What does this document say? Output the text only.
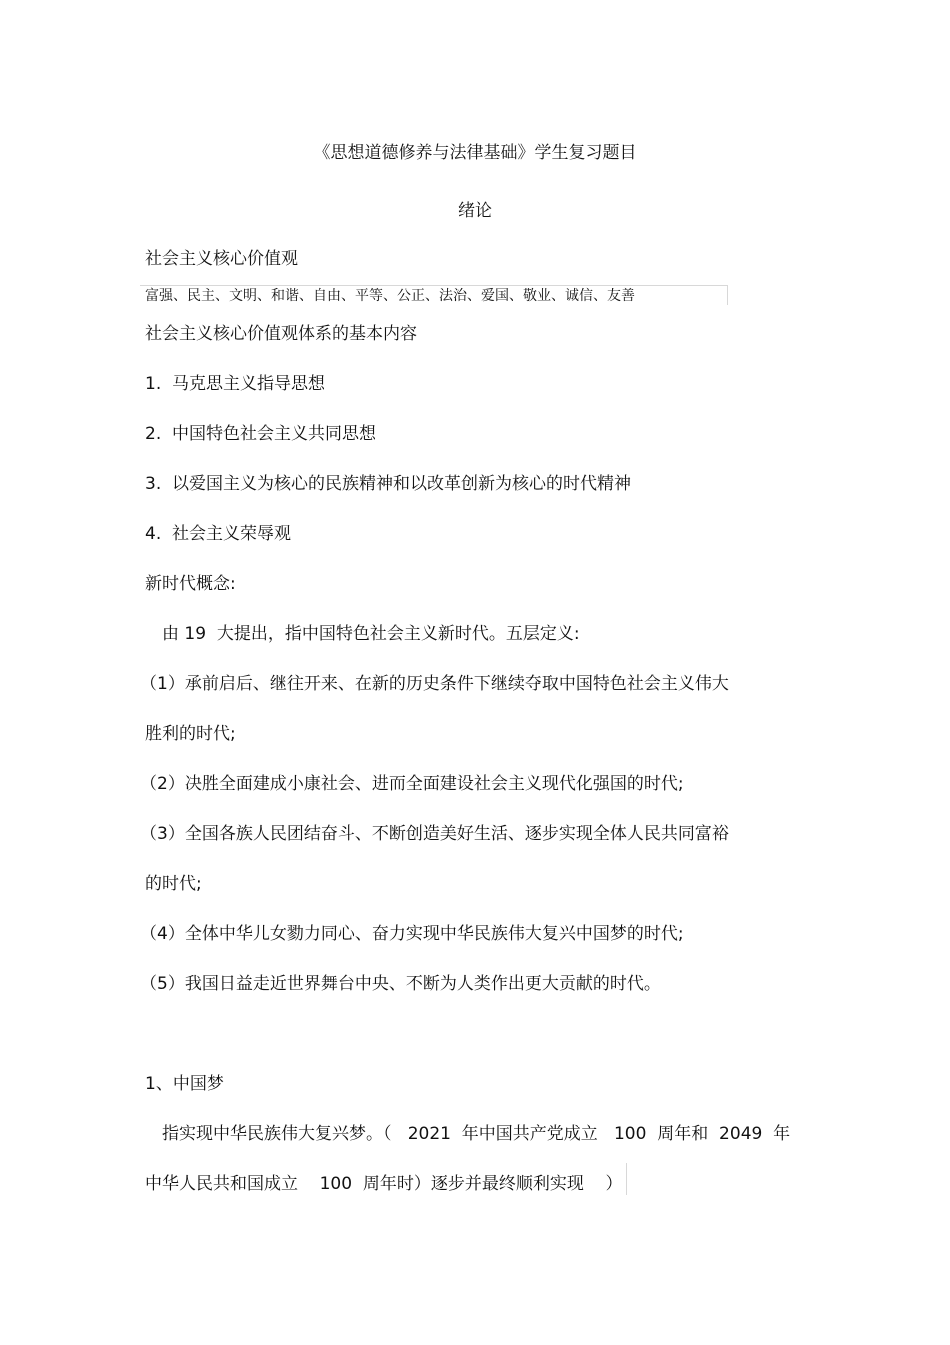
《思想道德修养与法律基础》学生复习题目
绪论
社会主义核心价值观
富强、民主、文明、和谐、自由、平等、公正、法治、爱国、敬业、诚信、友善
社会主义核心价值观体系的基本内容
1.  马克思主义指导思想
2.  中国特色社会主义共同思想
3.  以爱国主义为核心的民族精神和以改革创新为核心的时代精神
4.  社会主义荣辱观
新时代概念:
由 19  大提出，指中国特色社会主义新时代。五层定义:
（1）承前启后、继往开来、在新的历史条件下继续夺取中国特色社会主义伟大
胜利的时代;
（2）决胜全面建成小康社会、进而全面建设社会主义现代化强国的时代;
（3）全国各族人民团结奋斗、不断创造美好生活、逐步实现全体人民共同富裕
的时代;
（4）全体中华儿女勠力同心、奋力实现中华民族伟大复兴中国梦的时代;
（5）我国日益走近世界舞台中央、不断为人类作出更大贡献的时代。
1、中国梦
指实现中华民族伟大复兴梦。（   2021  年中国共产党成立   100  周年和  2049  年
中华人民共和国成立    100  周年时）逐步并最终顺利实现    ）
